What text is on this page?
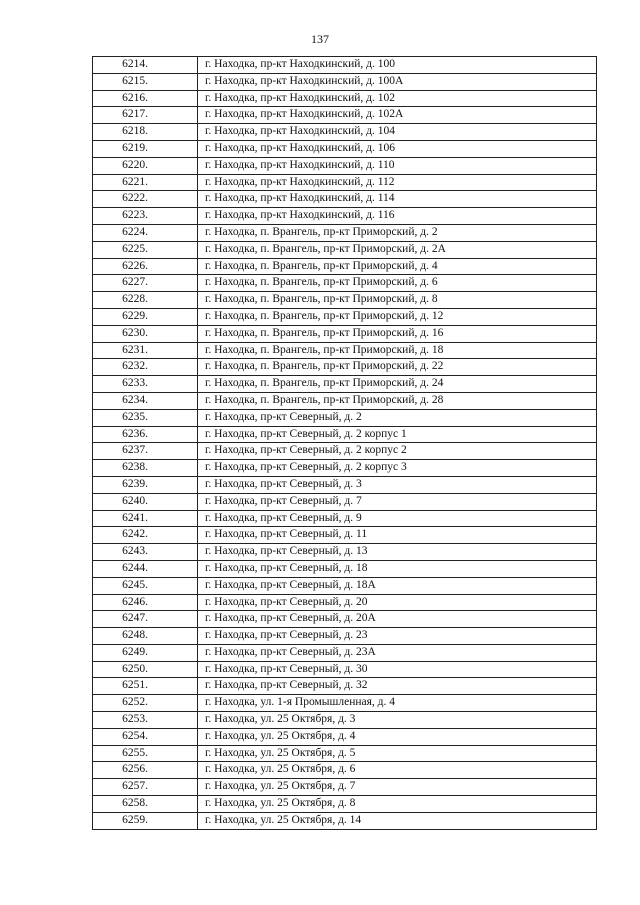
137
6214.	г. Находка, пр-кт Находкинский, д. 100
6215.	г. Находка, пр-кт Находкинский, д. 100А
6216.	г. Находка, пр-кт Находкинский, д. 102
6217.	г. Находка, пр-кт Находкинский, д. 102А
6218.	г. Находка, пр-кт Находкинский, д. 104
6219.	г. Находка, пр-кт Находкинский, д. 106
6220.	г. Находка, пр-кт Находкинский, д. 110
6221.	г. Находка, пр-кт Находкинский, д. 112
6222.	г. Находка, пр-кт Находкинский, д. 114
6223.	г. Находка, пр-кт Находкинский, д. 116
6224.	г. Находка, п. Врангель, пр-кт Приморский, д. 2
6225.	г. Находка, п. Врангель, пр-кт Приморский, д. 2А
6226.	г. Находка, п. Врангель, пр-кт Приморский, д. 4
6227.	г. Находка, п. Врангель, пр-кт Приморский, д. 6
6228.	г. Находка, п. Врангель, пр-кт Приморский, д. 8
6229.	г. Находка, п. Врангель, пр-кт Приморский, д. 12
6230.	г. Находка, п. Врангель, пр-кт Приморский, д. 16
6231.	г. Находка, п. Врангель, пр-кт Приморский, д. 18
6232.	г. Находка, п. Врангель, пр-кт Приморский, д. 22
6233.	г. Находка, п. Врангель, пр-кт Приморский, д. 24
6234.	г. Находка, п. Врангель, пр-кт Приморский, д. 28
6235.	г. Находка, пр-кт Северный, д. 2
6236.	г. Находка, пр-кт Северный, д. 2 корпус 1
6237.	г. Находка, пр-кт Северный, д. 2 корпус 2
6238.	г. Находка, пр-кт Северный, д. 2 корпус 3
6239.	г. Находка, пр-кт Северный, д. 3
6240.	г. Находка, пр-кт Северный, д. 7
6241.	г. Находка, пр-кт Северный, д. 9
6242.	г. Находка, пр-кт Северный, д. 11
6243.	г. Находка, пр-кт Северный, д. 13
6244.	г. Находка, пр-кт Северный, д. 18
6245.	г. Находка, пр-кт Северный, д. 18А
6246.	г. Находка, пр-кт Северный, д. 20
6247.	г. Находка, пр-кт Северный, д. 20А
6248.	г. Находка, пр-кт Северный, д. 23
6249.	г. Находка, пр-кт Северный, д. 23А
6250.	г. Находка, пр-кт Северный, д. 30
6251.	г. Находка, пр-кт Северный, д. 32
6252.	г. Находка, ул. 1-я Промышленная, д. 4
6253.	г. Находка, ул. 25 Октября, д. 3
6254.	г. Находка, ул. 25 Октября, д. 4
6255.	г. Находка, ул. 25 Октября, д. 5
6256.	г. Находка, ул. 25 Октября, д. 6
6257.	г. Находка, ул. 25 Октября, д. 7
6258.	г. Находка, ул. 25 Октября, д. 8
6259.	г. Находка, ул. 25 Октября, д. 14
